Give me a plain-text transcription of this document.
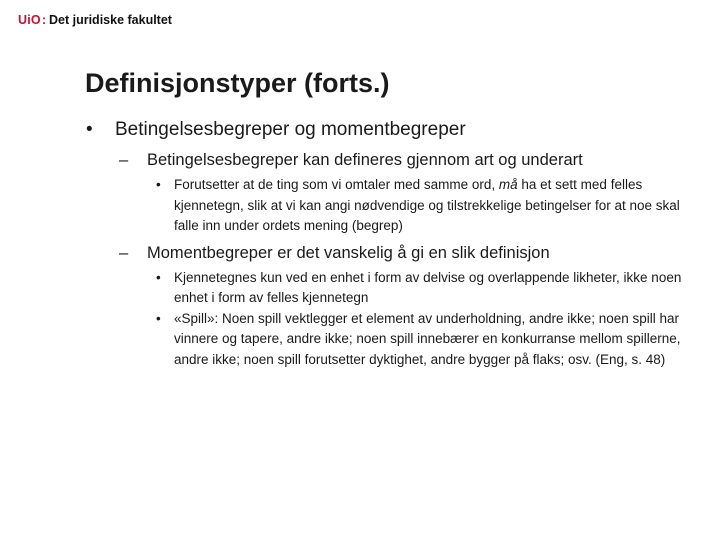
UiO : Det juridiske fakultet
Definisjonstyper (forts.)
• Betingelsesbegreper og momentbegreper
– Betingelsesbegreper kan defineres gjennom art og underart
• Forutsetter at de ting som vi omtaler med samme ord, må ha et sett med felles kjennetegn, slik at vi kan angi nødvendige og tilstrekkelige betingelser for at noe skal falle inn under ordets mening (begrep)
– Momentbegreper er det vanskelig å gi en slik definisjon
• Kjennetegnes kun ved en enhet i form av delvise og overlappende likheter, ikke noen enhet i form av felles kjennetegn
• «Spill»: Noen spill vektlegger et element av underholdning, andre ikke; noen spill har vinnere og tapere, andre ikke; noen spill innebærer en konkurranse mellom spillerne, andre ikke; noen spill forutsetter dyktighet, andre bygger på flaks; osv. (Eng, s. 48)
